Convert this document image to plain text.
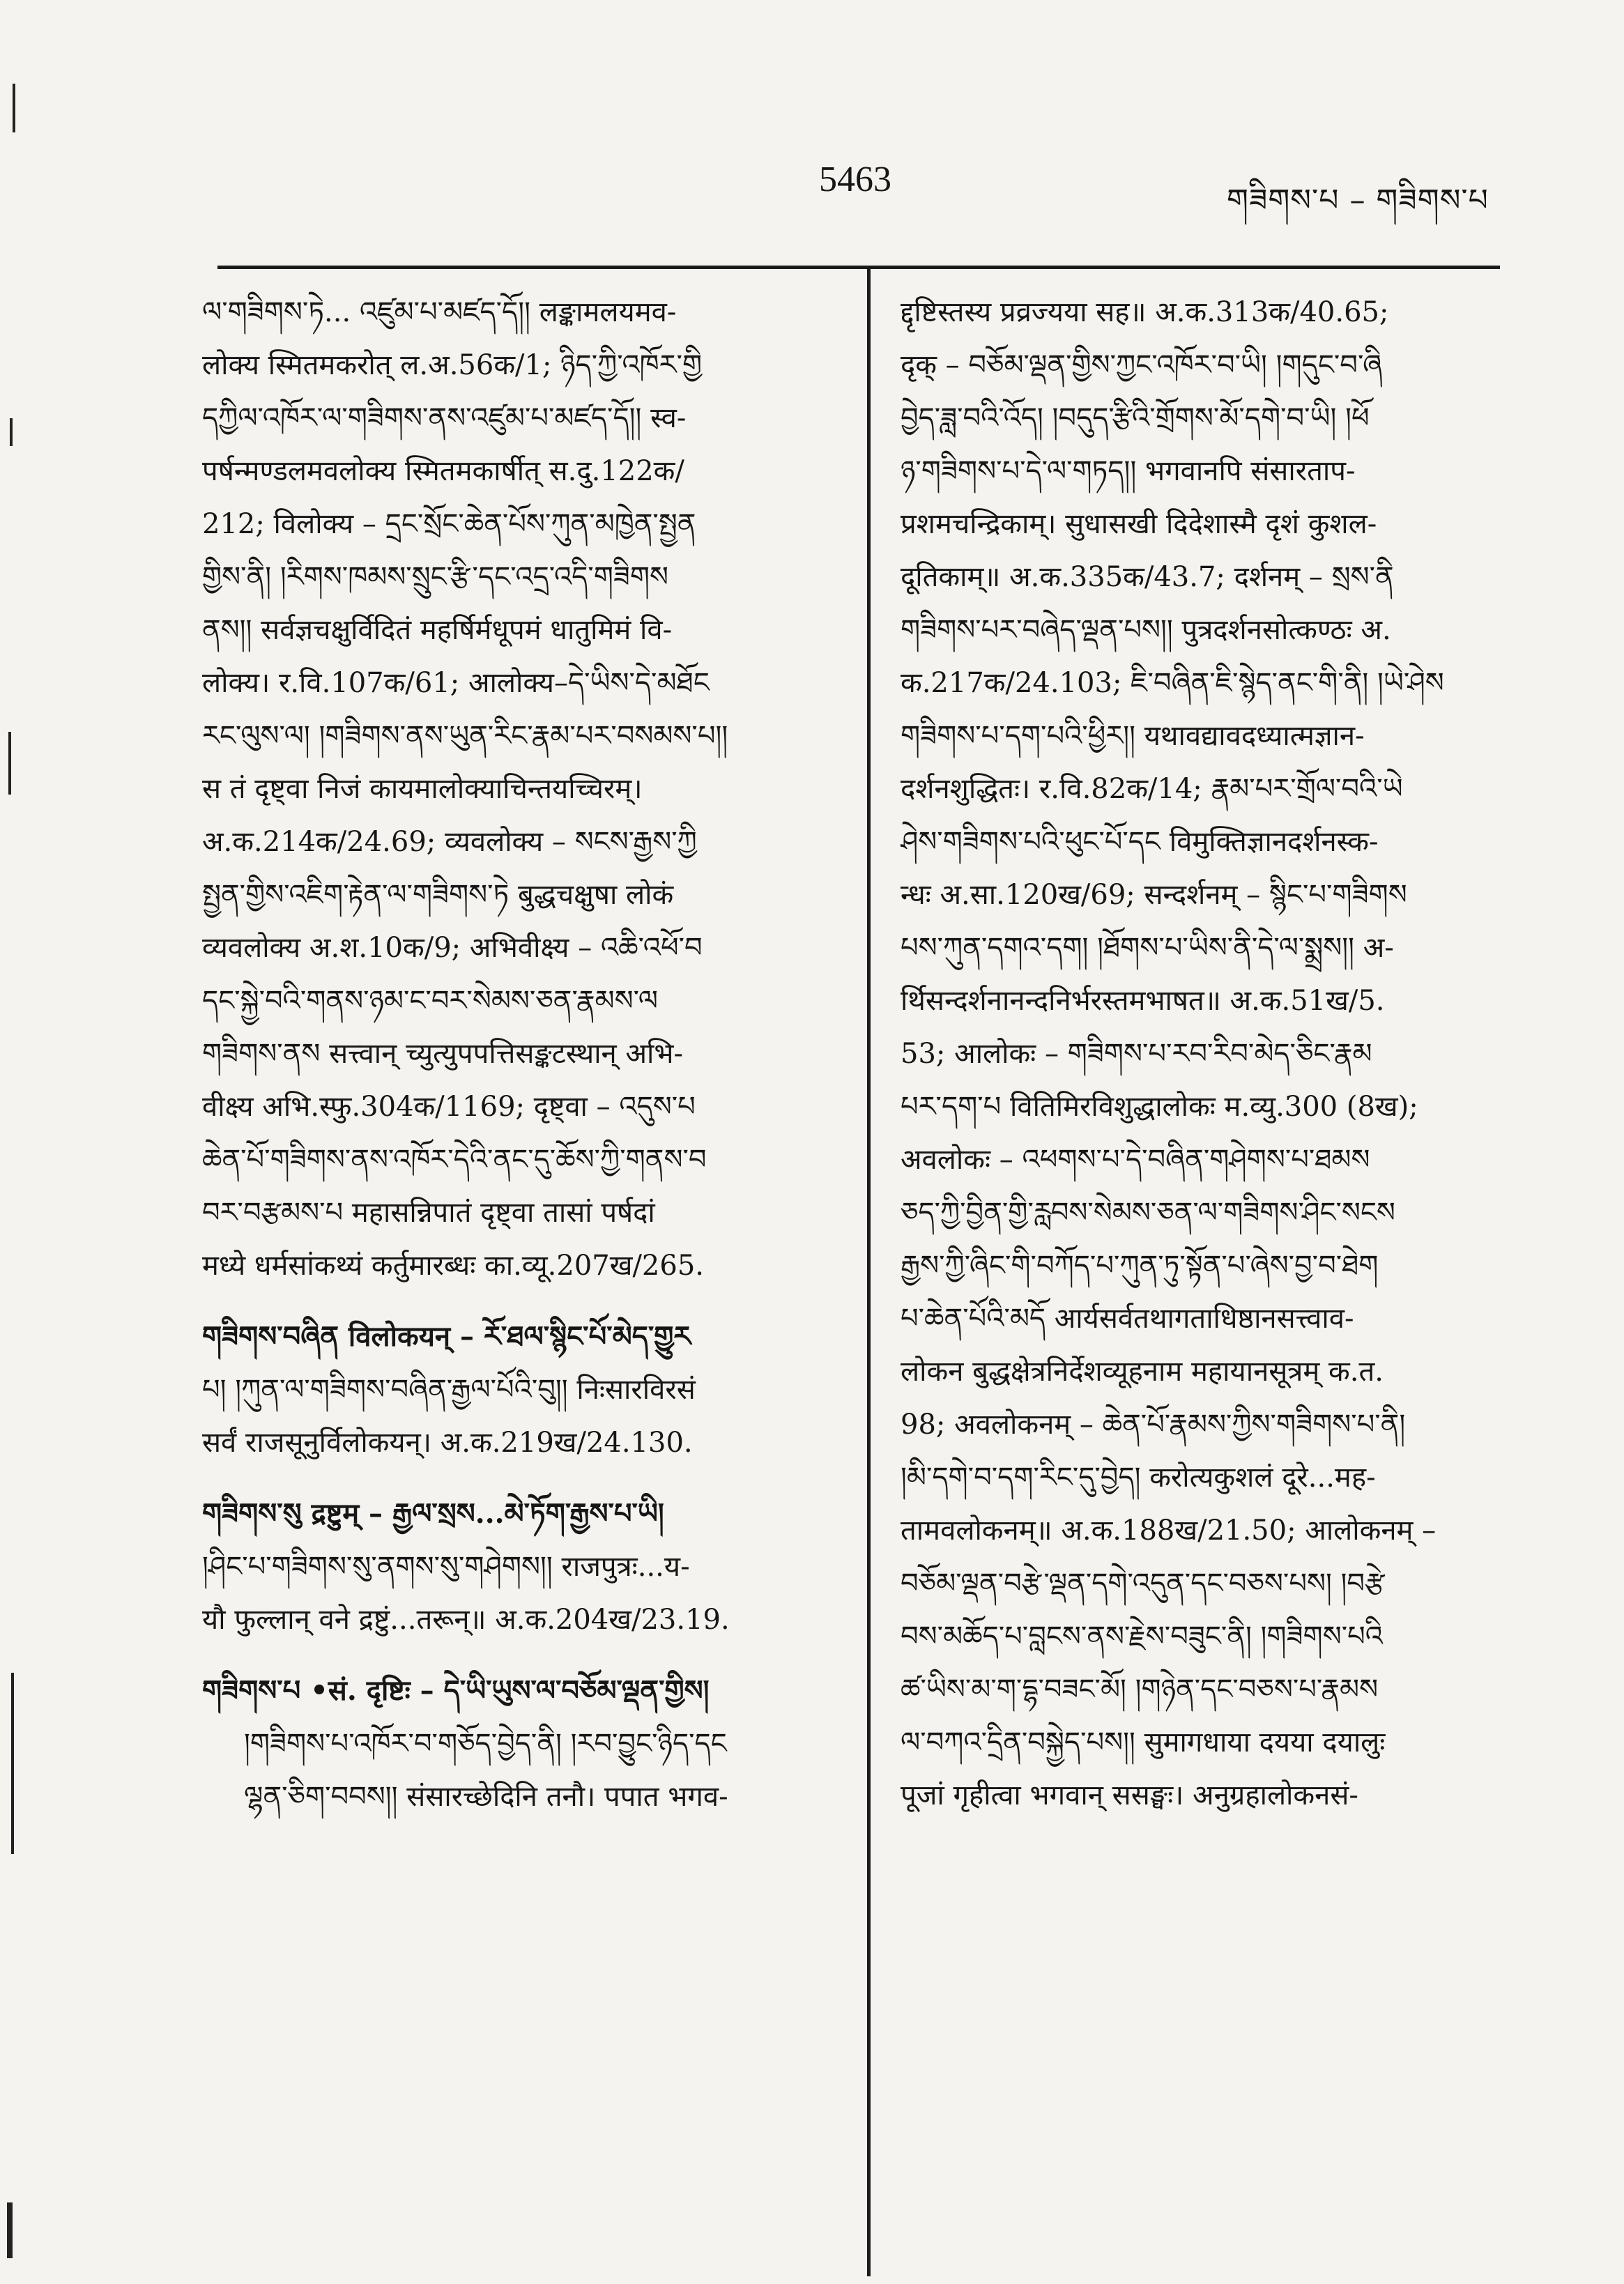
5463
གཟིགས་པ – གཟིགས་པ
ལ་གཟིགས་ཏེ... འཛུམ་པ་མཛད་དོ།། लङ्कामलयमव-
लोक्य स्मितमकरोत् ल.अ.56क/1; ཉིད་ཀྱི་འཁོར་གྱི
དཀྱིལ་འཁོར་ལ་གཟིགས་ནས་འཛུམ་པ་མཛད་དོ།། स्व-
पर्षन्मण्डलमवलोक्य स्मितमकार्षीत् स.दु.122क/
212; विलोक्य – དྲང་སྲོང་ཆེན་པོས་ཀུན་མཁྱེན་སྤྱན
གྱིས་ནི། །རིགས་ཁམས་སྲུང་རྩི་དང་འདྲ་འདི་གཟིགས
ནས།། सर्वज्ञचक्षुर्विदितं महर्षिर्मधूपमं धातुमिमं वि-
लोक्य। र.वि.107क/61; आलोक्य–དེ་ཡིས་དེ་མཐོང
རང་ལུས་ལ། །གཟིགས་ནས་ཡུན་རིང་རྣམ་པར་བསམས་པ།།
स तं दृष्ट्वा निजं कायमालोक्याचिन्तयच्चिरम्।
अ.क.214क/24.69; व्यवलोक्य – སངས་རྒྱས་ཀྱི
སྤྱན་གྱིས་འཇིག་རྟེན་ལ་གཟིགས་ཏེ बुद्धचक्षुषा लोकं
व्यवलोक्य अ.श.10क/9; अभिवीक्ष्य – འཆི་འཕོ་བ
དང་སྐྱེ་བའི་གནས་ཉམ་ང་བར་སེམས་ཅན་རྣམས་ལ
གཟིགས་ནས सत्त्वान् च्युत्युपपत्तिसङ्कटस्थान् अभि-
वीक्ष्य अभि.स्फु.304क/1169; दृष्ट्वा – འདུས་པ
ཆེན་པོ་གཟིགས་ནས་འཁོར་དེའི་ནང་དུ་ཆོས་ཀྱི་གནས་བ
བར་བརྩམས་པ महासन्निपातं दृष्ट्वा तासां पर्षदां
मध्ये धर्मसांकथ्यं कर्तुमारब्धः का.व्यू.207ख/265.
གཟིགས་བཞིན विलोकयन् – རོ་ཐལ་སྙིང་པོ་མེད་གྱུར
པ། །ཀུན་ལ་གཟིགས་བཞིན་རྒྱལ་པོའི་བུ།། निःसारविरसं
सर्वं राजसूनुर्विलोकयन्। अ.क.219ख/24.130.
གཟིགས་སུ द्रष्टुम् – རྒྱལ་སྲས...མེ་ཏོག་རྒྱས་པ་ཡི།
།ཤིང་པ་གཟིགས་སུ་ནགས་སུ་གཤེགས།། राजपुत्रः...य-
यौ फुल्लान् वने द्रष्टुं...तरून्॥ अ.क.204ख/23.19.
གཟིགས་པ •सं. दृष्टिः – དེ་ཡི་ཡུས་ལ་བཅོམ་ལྡན་གྱིས།
།གཟིགས་པ་འཁོར་བ་གཅོད་བྱེད་ནི། །རབ་བྱུང་ཉིད་དང
ལྷན་ཅིག་བབས།། संसारच्छेदिनि तनौ। पपात भगव-
द्दृष्टिस्तस्य प्रव्रज्यया सह॥ अ.क.313क/40.65;
दृक् – བཅོམ་ལྡན་གྱིས་ཀྱང་འཁོར་བ་ཡི། །གདུང་བ་ཞི
བྱེད་ཟླ་བའི་འོད། །བདུད་རྩིའི་གྲོགས་མོ་དགེ་བ་ཡི། །ཕོ
ཉ་གཟིགས་པ་དེ་ལ་གཏད།། भगवानपि संसारताप-
प्रशमचन्द्रिकाम्। सुधासखी दिदेशास्मै दृशं कुशल-
दूतिकाम्॥ अ.क.335क/43.7; दर्शनम् – སྲས་ནི
གཟིགས་པར་བཞེད་ལྡན་པས།། पुत्रदर्शनसोत्कण्ठः अ.
क.217क/24.103; ཇི་བཞིན་ཇི་སྙེད་ནང་གི་ནི། །ཡེ་ཤེས
གཟིགས་པ་དག་པའི་ཕྱིར།། यथावद्यावदध्यात्मज्ञान-
दर्शनशुद्धितः। र.वि.82क/14; རྣམ་པར་གྲོལ་བའི་ཡེ
ཤེས་གཟིགས་པའི་ཕུང་པོ་དང विमुक्तिज्ञानदर्शनस्क-
न्धः अ.सा.120ख/69; सन्दर्शनम् – སྙིང་པ་གཟིགས
པས་ཀུན་དགའ་དག། །ཐོགས་པ་ཡིས་ནི་དེ་ལ་སྨྲས།། अ-
र्थिसन्दर्शनानन्दनिर्भरस्तमभाषत॥ अ.क.51ख/5.
53; आलोकः – གཟིགས་པ་རབ་རིབ་མེད་ཅིང་རྣམ
པར་དག་པ वितिमिरविशुद्धालोकः म.व्यु.300 (8ख);
अवलोकः – འཕགས་པ་དེ་བཞིན་གཤེགས་པ་ཐམས
ཅད་ཀྱི་བྱིན་གྱི་རླབས་སེམས་ཅན་ལ་གཟིགས་ཤིང་སངས
རྒྱས་ཀྱི་ཞིང་གི་བཀོད་པ་ཀུན་ཏུ་སྟོན་པ་ཞེས་བྱ་བ་ཐེག
པ་ཆེན་པོའི་མདོ आर्यसर्वतथागताधिष्ठानसत्त्वाव-
लोकन बुद्धक्षेत्रनिर्देशव्यूहनाम महायानसूत्रम् क.त.
98; अवलोकनम् – ཆེན་པོ་རྣམས་ཀྱིས་གཟིགས་པ་ནི།
།མི་དགེ་བ་དག་རིང་དུ་བྱེད། करोत्यकुशलं दूरे...मह-
तामवलोकनम्॥ अ.क.188ख/21.50; आलोकनम् –
བཅོམ་ལྡན་བརྩེ་ལྡན་དགེ་འདུན་དང་བཅས་པས། །བརྩེ
བས་མཆོད་པ་བླངས་ནས་རྗེས་བཟུང་ནི། །གཟིགས་པའི
ཚ་ཡིས་མ་ག་དྷ་བཟང་མོ། །གཉེན་དང་བཅས་པ་རྣམས
ལ་བཀའ་དྲིན་བསྐྱེད་པས།། सुमागधाया दयया दयालुः
पूजां गृहीत्वा भगवान् ससङ्घः। अनुग्रहालोकनसं-
